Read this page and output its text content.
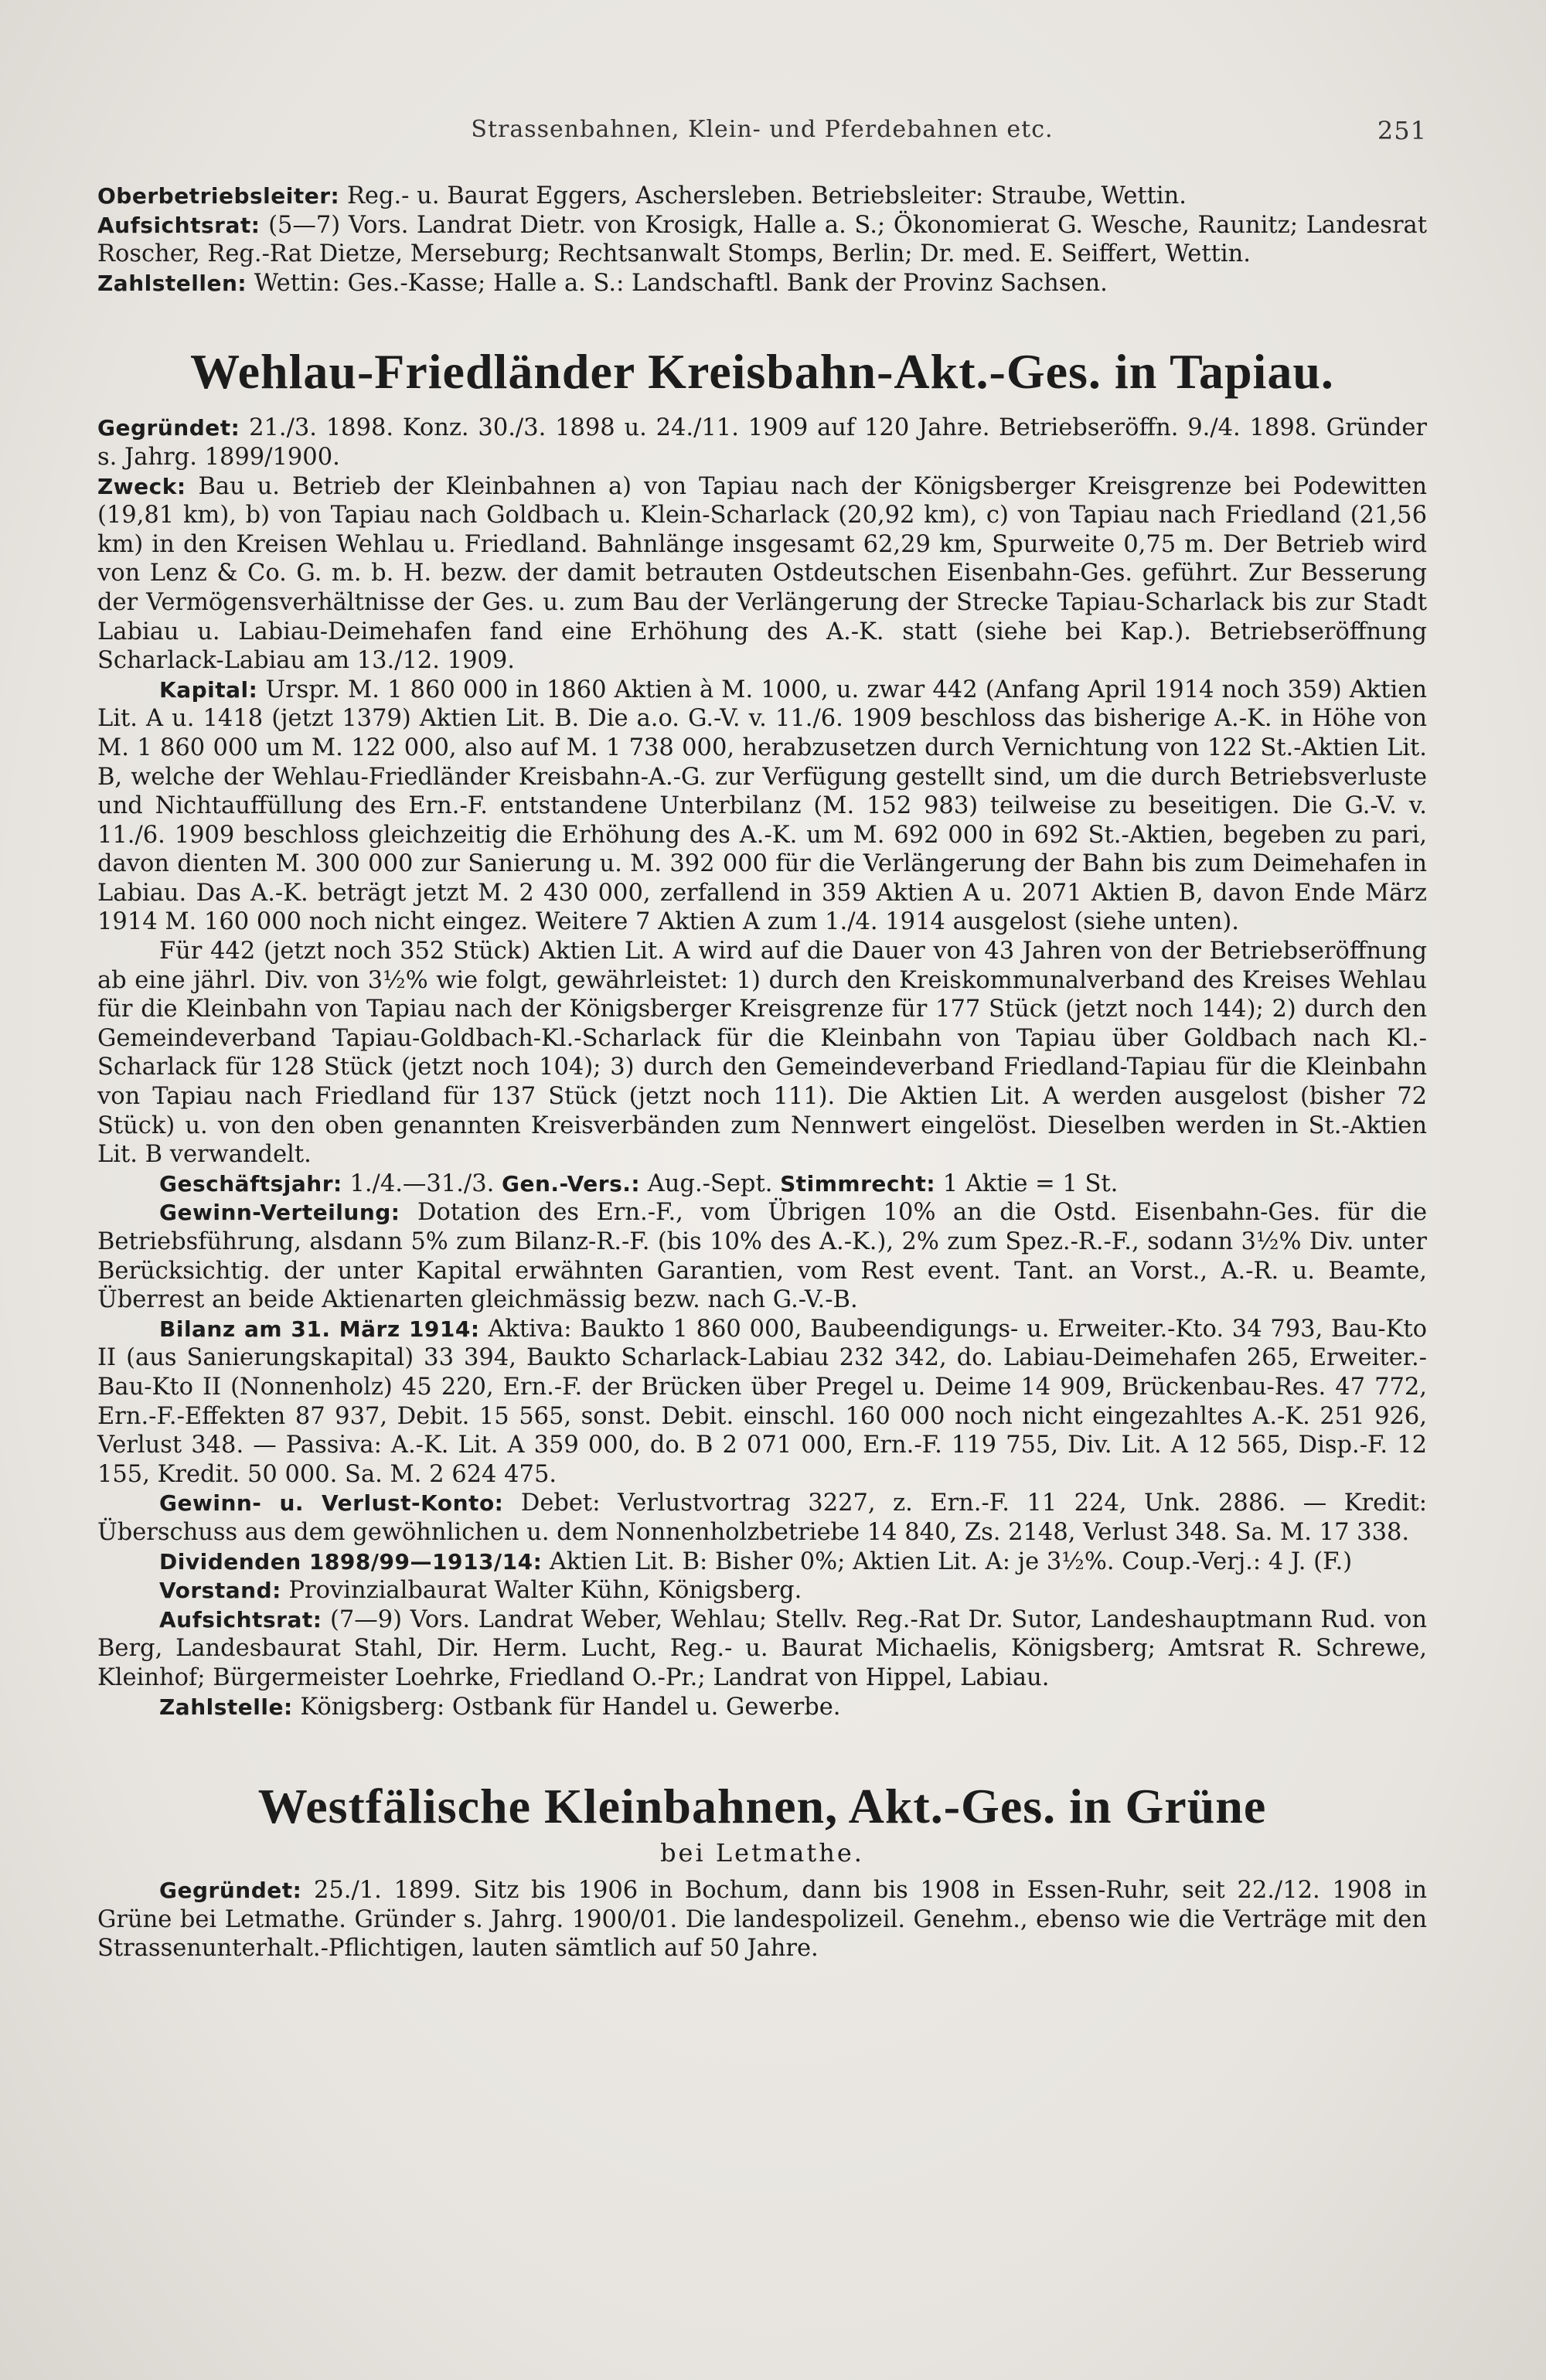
Strassenbahnen, Klein- und Pferdebahnen etc.	251

Oberbetriebsleiter: Reg.- u. Baurat Eggers, Aschersleben. Betriebsleiter: Straube, Wettin.

Aufsichtsrat: (5—7) Vors. Landrat Dietr. von Krosigk, Halle a. S.; Ökonomierat G. Wesche, Raunitz; Landesrat Roscher, Reg.-Rat Dietze, Merseburg; Rechtsanwalt Stomps, Berlin; Dr. med. E. Seiffert, Wettin.

Zahlstellen: Wettin: Ges.-Kasse; Halle a. S.: Landschaftl. Bank der Provinz Sachsen.

Wehlau-Friedländer Kreisbahn-Akt.-Ges. in Tapiau.

Gegründet: 21./3. 1898. Konz. 30./3. 1898 u. 24./11. 1909 auf 120 Jahre. Betriebseröffn. 9./4. 1898. Gründer s. Jahrg. 1899/1900.

Zweck: Bau u. Betrieb der Kleinbahnen a) von Tapiau nach der Königsberger Kreisgrenze bei Podewitten (19,81 km), b) von Tapiau nach Goldbach u. Klein-Scharlack (20,92 km), c) von Tapiau nach Friedland (21,56 km) in den Kreisen Wehlau u. Friedland. Bahnlänge insgesamt 62,29 km, Spurweite 0,75 m. Der Betrieb wird von Lenz & Co. G. m. b. H. bezw. der damit betrauten Ostdeutschen Eisenbahn-Ges. geführt. Zur Besserung der Vermögensverhältnisse der Ges. u. zum Bau der Verlängerung der Strecke Tapiau-Scharlack bis zur Stadt Labiau u. Labiau-Deimehafen fand eine Erhöhung des A.-K. statt (siehe bei Kap.). Betriebseröffnung Scharlack-Labiau am 13./12. 1909.

Kapital: Urspr. M. 1 860 000 in 1860 Aktien à M. 1000, u. zwar 442 (Anfang April 1914 noch 359) Aktien Lit. A u. 1418 (jetzt 1379) Aktien Lit. B. Die a.o. G.-V. v. 11./6. 1909 beschloss das bisherige A.-K. in Höhe von M. 1 860 000 um M. 122 000, also auf M. 1 738 000, herabzusetzen durch Vernichtung von 122 St.-Aktien Lit. B, welche der Wehlau-Friedländer Kreisbahn-A.-G. zur Verfügung gestellt sind, um die durch Betriebsverluste und Nichtauffüllung des Ern.-F. entstandene Unterbilanz (M. 152 983) teilweise zu beseitigen. Die G.-V. v. 11./6. 1909 beschloss gleichzeitig die Erhöhung des A.-K. um M. 692 000 in 692 St.-Aktien, begeben zu pari, davon dienten M. 300 000 zur Sanierung u. M. 392 000 für die Verlängerung der Bahn bis zum Deimehafen in Labiau. Das A.-K. beträgt jetzt M. 2 430 000, zerfallend in 359 Aktien A u. 2071 Aktien B, davon Ende März 1914 M. 160 000 noch nicht eingez. Weitere 7 Aktien A zum 1./4. 1914 ausgelost (siehe unten).

Für 442 (jetzt noch 352 Stück) Aktien Lit. A wird auf die Dauer von 43 Jahren von der Betriebseröffnung ab eine jährl. Div. von 3½% wie folgt, gewährleistet: 1) durch den Kreiskommunalverband des Kreises Wehlau für die Kleinbahn von Tapiau nach der Königsberger Kreisgrenze für 177 Stück (jetzt noch 144); 2) durch den Gemeindeverband Tapiau-Goldbach-Kl.-Scharlack für die Kleinbahn von Tapiau über Goldbach nach Kl.-Scharlack für 128 Stück (jetzt noch 104); 3) durch den Gemeindeverband Friedland-Tapiau für die Kleinbahn von Tapiau nach Friedland für 137 Stück (jetzt noch 111). Die Aktien Lit. A werden ausgelost (bisher 72 Stück) u. von den oben genannten Kreisverbänden zum Nennwert eingelöst. Dieselben werden in St.-Aktien Lit. B verwandelt.

Geschäftsjahr: 1./4.—31./3. Gen.-Vers.: Aug.-Sept. Stimmrecht: 1 Aktie = 1 St.

Gewinn-Verteilung: Dotation des Ern.-F., vom Übrigen 10% an die Ostd. Eisenbahn-Ges. für die Betriebsführung, alsdann 5% zum Bilanz-R.-F. (bis 10% des A.-K.), 2% zum Spez.-R.-F., sodann 3½% Div. unter Berücksichtig. der unter Kapital erwähnten Garantien, vom Rest event. Tant. an Vorst., A.-R. u. Beamte, Überrest an beide Aktienarten gleichmässig bezw. nach G.-V.-B.

Bilanz am 31. März 1914: Aktiva: Baukto 1 860 000, Baubeendigungs- u. Erweiter.-Kto. 34 793, Bau-Kto II (aus Sanierungskapital) 33 394, Baukto Scharlack-Labiau 232 342, do. Labiau-Deimehafen 265, Erweiter.-Bau-Kto II (Nonnenholz) 45 220, Ern.-F. der Brücken über Pregel u. Deime 14 909, Brückenbau-Res. 47 772, Ern.-F.-Effekten 87 937, Debit. 15 565, sonst. Debit. einschl. 160 000 noch nicht eingezahltes A.-K. 251 926, Verlust 348. — Passiva: A.-K. Lit. A 359 000, do. B 2 071 000, Ern.-F. 119 755, Div. Lit. A 12 565, Disp.-F. 12 155, Kredit. 50 000. Sa. M. 2 624 475.

Gewinn- u. Verlust-Konto: Debet: Verlustvortrag 3227, z. Ern.-F. 11 224, Unk. 2886. — Kredit: Überschuss aus dem gewöhnlichen u. dem Nonnenholzbetriebe 14 840, Zs. 2148, Verlust 348. Sa. M. 17 338.

Dividenden 1898/99—1913/14: Aktien Lit. B: Bisher 0%; Aktien Lit. A: je 3½%. Coup.-Verj.: 4 J. (F.)

Vorstand: Provinzialbaurat Walter Kühn, Königsberg.

Aufsichtsrat: (7—9) Vors. Landrat Weber, Wehlau; Stellv. Reg.-Rat Dr. Sutor, Landeshauptmann Rud. von Berg, Landesbaurat Stahl, Dir. Herm. Lucht, Reg.- u. Baurat Michaelis, Königsberg; Amtsrat R. Schrewe, Kleinhof; Bürgermeister Loehrke, Friedland O.-Pr.; Landrat von Hippel, Labiau.

Zahlstelle: Königsberg: Ostbank für Handel u. Gewerbe.

Westfälische Kleinbahnen, Akt.-Ges. in Grüne
bei Letmathe.

Gegründet: 25./1. 1899. Sitz bis 1906 in Bochum, dann bis 1908 in Essen-Ruhr, seit 22./12. 1908 in Grüne bei Letmathe. Gründer s. Jahrg. 1900/01. Die landespolizeil. Genehm., ebenso wie die Verträge mit den Strassenunterhalt.-Pflichtigen, lauten sämtlich auf 50 Jahre.
